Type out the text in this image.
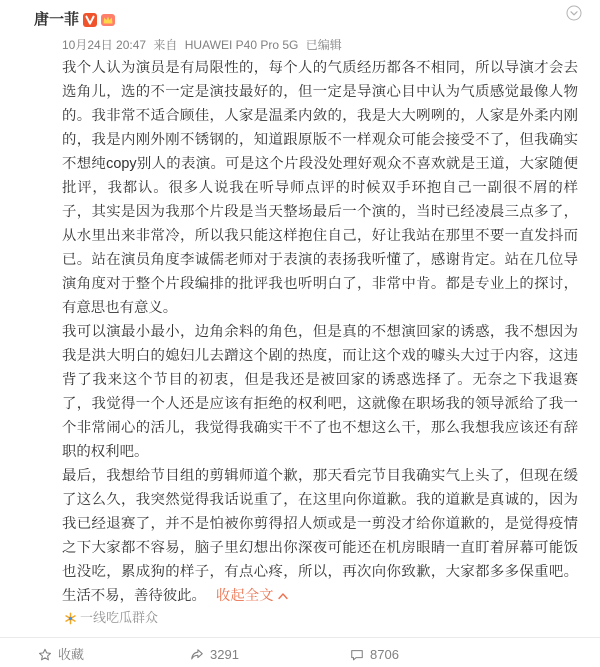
唐一菲
10月24日 20:47 来自 HUAWEI P40 Pro 5G 已编辑
我个人认为演员是有局限性的，每个人的气质经历都各不相同，所以导演才会去
选角儿，选的不一定是演技最好的，但一定是导演心目中认为气质感觉最像人物
的。我非常不适合顾佳，人家是温柔内敛的，我是大大咧咧的，人家是外柔内刚
的，我是内刚外刚不锈钢的，知道跟原版不一样观众可能会接受不了，但我确实
不想纯copy别人的表演。可是这个片段没处理好观众不喜欢就是王道，大家随便
批评，我都认。很多人说我在听导师点评的时候双手环抱自己一副很不屑的样
子，其实是因为我那个片段是当天整场最后一个演的，当时已经凌晨三点多了，
从水里出来非常冷，所以我只能这样抱住自己，好让我站在那里不要一直发抖而
已。站在演员角度李诚儒老师对于表演的表扬我听懂了，感谢肯定。站在几位导
演角度对于整个片段编排的批评我也听明白了，非常中肯。都是专业上的探讨，
有意思也有意义。
我可以演最小最小，边角余料的角色，但是真的不想演回家的诱惑，我不想因为
我是洪大明白的媳妇儿去蹭这个剧的热度，而让这个戏的噱头大过于内容，这违
背了我来这个节目的初衷，但是我还是被回家的诱惑选择了。无奈之下我退赛
了，我觉得一个人还是应该有拒绝的权利吧，这就像在职场我的领导派给了我一
个非常闹心的活儿，我觉得我确实干不了也不想这么干，那么我想我应该还有辞
职的权利吧。
最后，我想给节目组的剪辑师道个歉，那天看完节目我确实气上头了，但现在缓
了这么久，我突然觉得我话说重了，在这里向你道歉。我的道歉是真诚的，因为
我已经退赛了，并不是怕被你剪得招人烦或是一剪没才给你道歉的，是觉得疫情
之下大家都不容易，脑子里幻想出你深夜可能还在机房眼睛一直盯着屏幕可能饭
也没吃，累成狗的样子，有点心疼，所以，再次向你致歉，大家都多多保重吧。
生活不易，善待彼此。 收起全文
一线吃瓜群众
收藏	3291	8706
